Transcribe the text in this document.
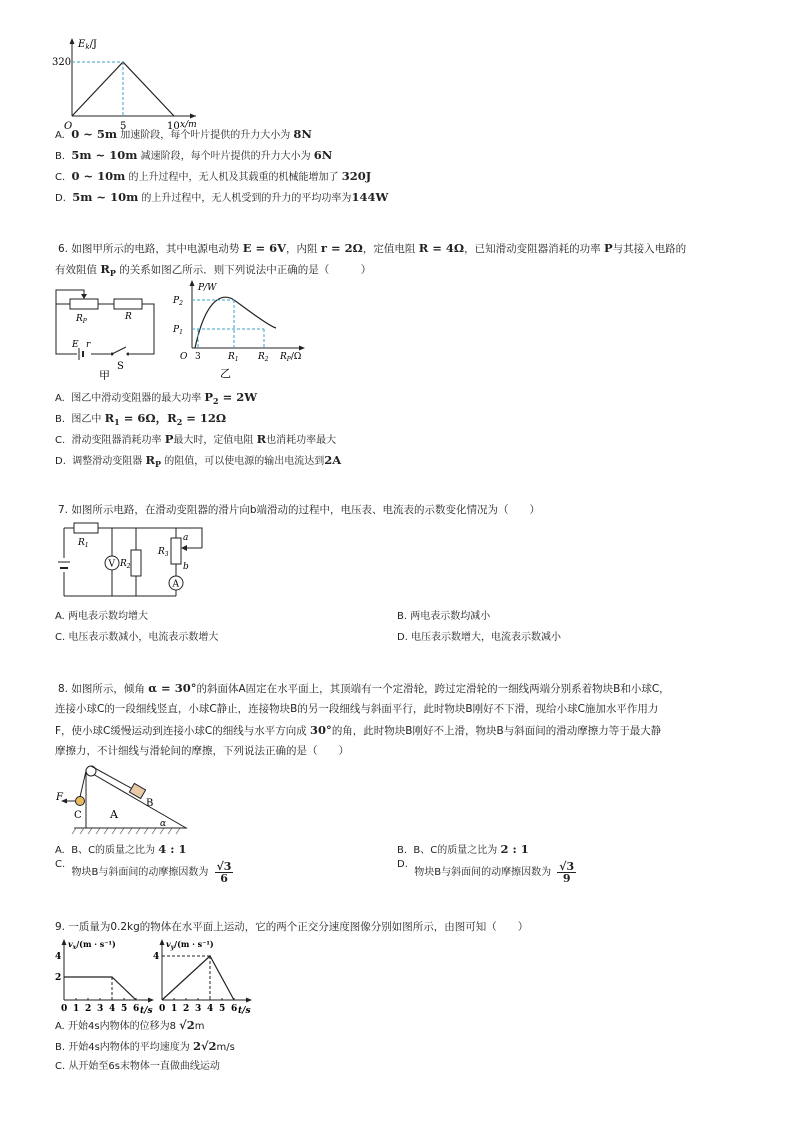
$E_k/J$
320
O	5	10 x/m
A. 0 ~ 5m 加速阶段，每个叶片提供的升力大小为 8N
B. 5m ~ 10m 减速阶段，每个叶片提供的升力大小为 6N
C. 0 ~ 10m 的上升过程中，无人机及其载重的机械能增加了 320J
D. 5m ~ 10m 的上升过程中，无人机受到的升力的平均功率为144W
6. 如图甲所示的电路，其中电源电动势 E = 6V，内阻 r = 2Ω，定值电阻 R = 4Ω，已知滑动变阻器消耗的功率 P与其接入电路的
有效阻值 $R_P$ 的关系如图乙所示．则下列说法中正确的是（　　　）
$R_P$	R
E r
S
甲
P/W
$P_2$
$P_1$
O 3	$R_1$ $R_2$ $R_P/\Omega$
乙
A. 图乙中滑动变阻器的最大功率 $P_2 = 2W$
B. 图乙中 $R_1 = 6\Omega$，$R_2 = 12\Omega$
C. 滑动变阻器消耗功率 P最大时，定值电阻 R也消耗功率最大
D. 调整滑动变阻器 $R_P$ 的阻值，可以使电源的输出电流达到2A
7. 如图所示电路，在滑动变阻器的滑片向b端滑动的过程中，电压表、电流表的示数变化情况为（　　）
$R_1$
V $R_2$
A
$R_3$
a
b
A. 两电表示数均增大	B. 两电表示数均减小
C. 电压表示数减小，电流表示数增大	D. 电压表示数增大，电流表示数减小
8. 如图所示，倾角 α = 30°的斜面体A固定在水平面上，其顶端有一个定滑轮，跨过定滑轮的一细线两端分别系着物块B和小球C，
连接小球C的一段细线竖直，小球C静止，连接物块B的另一段细线与斜面平行，此时物块B刚好不下滑，现给小球C施加水平作用力
F，使小球C缓慢运动到连接小球C的细线与水平方向成 30°的角，此时物块B刚好不上滑，物块B与斜面间的滑动摩擦力等于最大静
摩擦力，不计细线与滑轮间的摩擦，下列说法正确的是（　　）
F
C	A
B
α
A. B、C的质量之比为 4 : 1	B. B、C的质量之比为 2 : 1
C.  物块B与斜面间的动摩擦因数为 $\frac{√3}{6}$	D.  物块B与斜面间的动摩擦因数为 $\frac{√3}{9}$
9. 一质量为0.2kg的物体在水平面上运动，它的两个正交分速度图像分别如图所示，由图可知（　　）
$v_x/(m \cdot s^{-1})$
4
2
0 1 2 3 4 5 6 t/s
$v_y/(m \cdot s^{-1})$
4
0 1 2 3 4 5 6 t/s
A. 开始4s内物体的位移为8 √2m
B. 开始4s内物体的平均速度为 2√2m/s
C. 从开始至6s末物体一直做曲线运动
